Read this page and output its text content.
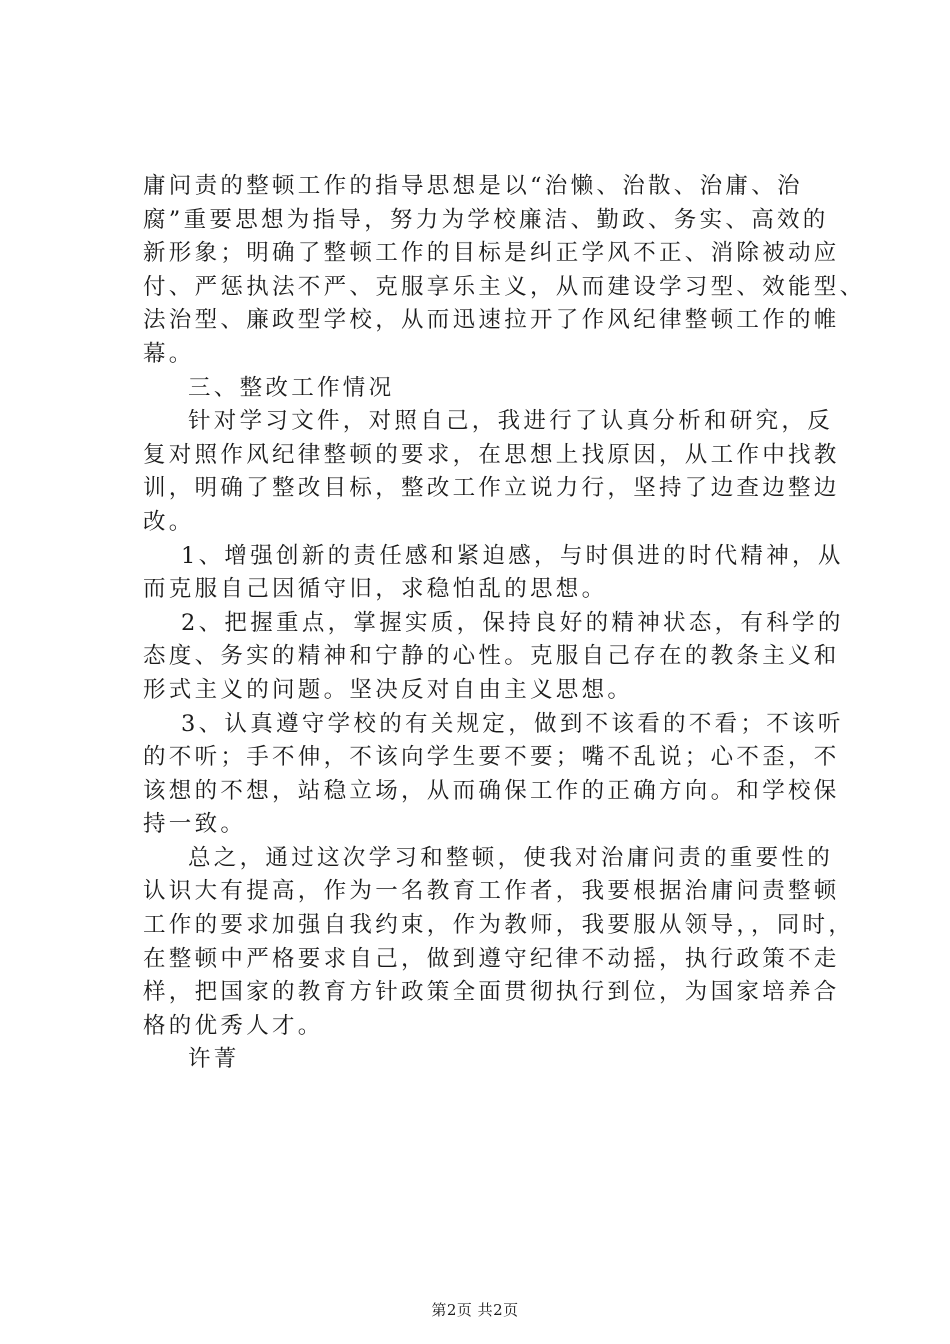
庸问责的整顿工作的指导思想是以“治懒、治散、治庸、治
腐”重要思想为指导，努力为学校廉洁、勤政、务实、高效的
新形象；明确了整顿工作的目标是纠正学风不正、消除被动应
付、严惩执法不严、克服享乐主义，从而建设学习型、效能型、
法治型、廉政型学校，从而迅速拉开了作风纪律整顿工作的帷
幕。
三、整改工作情况
针对学习文件，对照自己，我进行了认真分析和研究，反
复对照作风纪律整顿的要求，在思想上找原因，从工作中找教
训，明确了整改目标，整改工作立说力行，坚持了边查边整边
改。
1、增强创新的责任感和紧迫感，与时俱进的时代精神，从
而克服自己因循守旧，求稳怕乱的思想。
2、把握重点，掌握实质，保持良好的精神状态，有科学的
态度、务实的精神和宁静的心性。克服自己存在的教条主义和
形式主义的问题。坚决反对自由主义思想。
3、认真遵守学校的有关规定，做到不该看的不看；不该听
的不听；手不伸，不该向学生要不要；嘴不乱说；心不歪，不
该想的不想，站稳立场，从而确保工作的正确方向。和学校保
持一致。
总之，通过这次学习和整顿，使我对治庸问责的重要性的
认识大有提高，作为一名教育工作者，我要根据治庸问责整顿
工作的要求加强自我约束，作为教师，我要服从领导，，同时，
在整顿中严格要求自己，做到遵守纪律不动摇，执行政策不走
样，把国家的教育方针政策全面贯彻执行到位，为国家培养合
格的优秀人才。
许菁
第2页 共2页
